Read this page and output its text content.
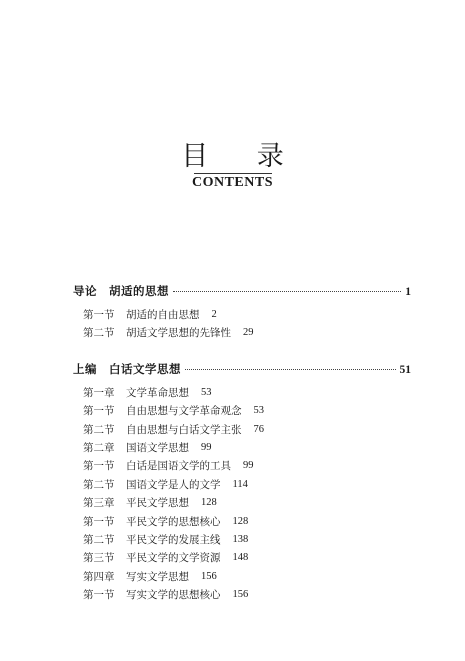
目 录
CONTENTS
导论 胡适的思想	1
第一节	胡适的自由思想 2
第二节	胡适文学思想的先锋性 29
上编 白话文学思想	51
第一章	文学革命思想 53
第一节	自由思想与文学革命观念 53
第二节	自由思想与白话文学主张 76
第二章	国语文学思想 99
第一节	白话是国语文学的工具 99
第二节	国语文学是人的文学 114
第三章	平民文学思想 128
第一节	平民文学的思想核心 128
第二节	平民文学的发展主线 138
第三节	平民文学的文学资源 148
第四章	写实文学思想 156
第一节	写实文学的思想核心 156
